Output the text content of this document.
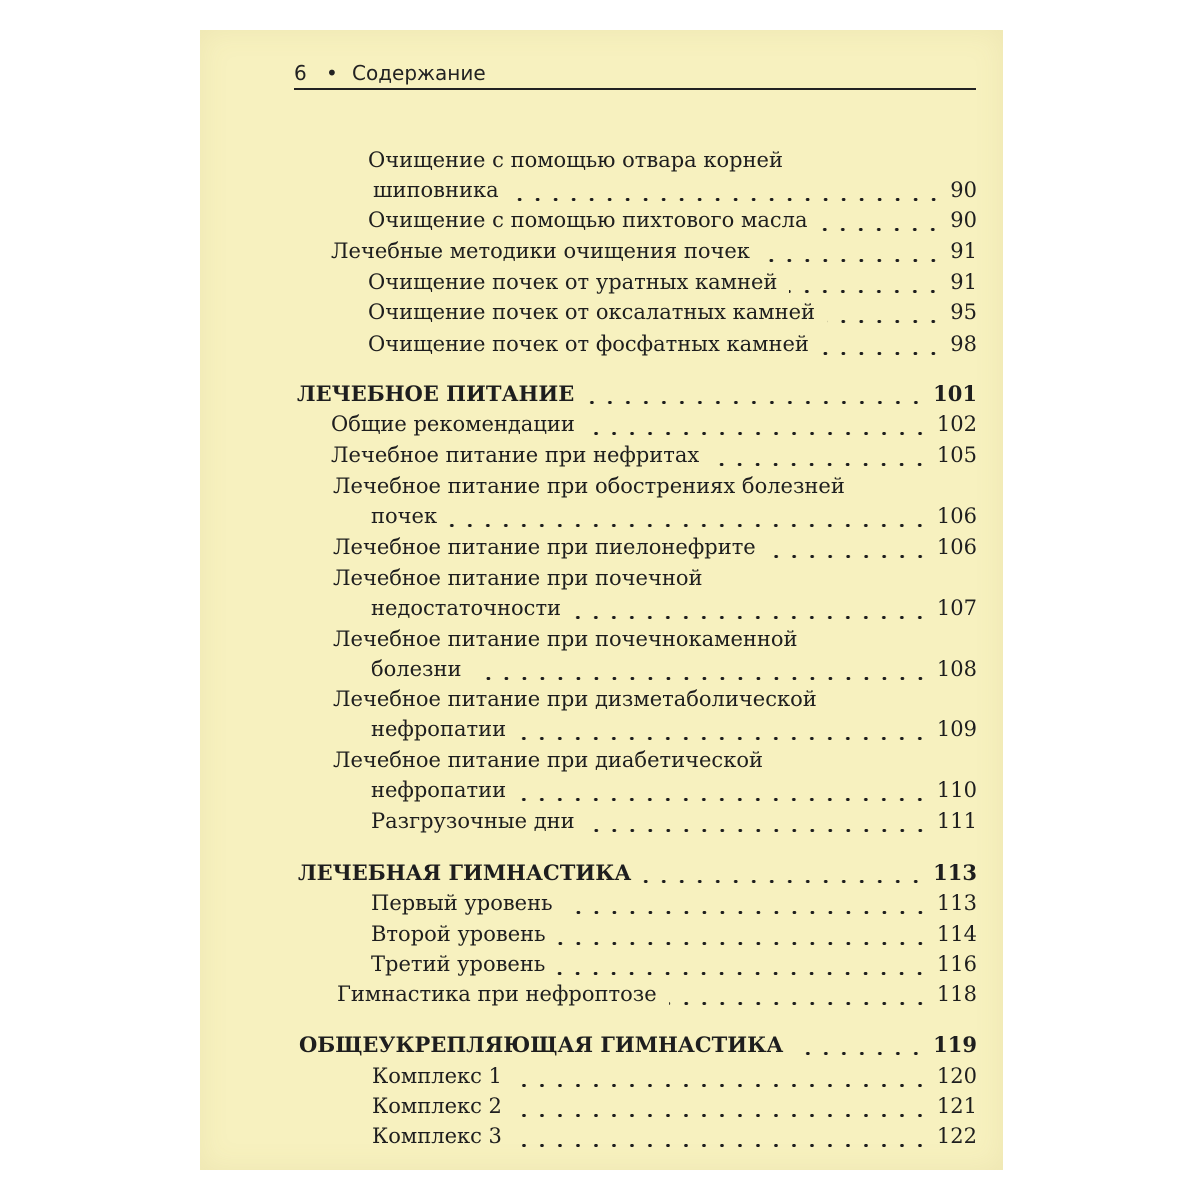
6 • Содержание
Очищение с помощью отвара корней
шиповника	90
Очищение с помощью пихтового масла	90
Лечебные методики очищения почек	91
Очищение почек от уратных камней	91
Очищение почек от оксалатных камней	95
Очищение почек от фосфатных камней	98
ЛЕЧЕБНОЕ ПИТАНИЕ	101
Общие рекомендации	102
Лечебное питание при нефритах	105
Лечебное питание при обострениях болезней
почек	106
Лечебное питание при пиелонефрите	106
Лечебное питание при почечной
недостаточности	107
Лечебное питание при почечнокаменной
болезни	108
Лечебное питание при дизметаболической
нефропатии	109
Лечебное питание при диабетической
нефропатии	110
Разгрузочные дни	111
ЛЕЧЕБНАЯ ГИМНАСТИКА	113
Первый уровень	113
Второй уровень	114
Третий уровень	116
Гимнастика при нефроптозе	118
ОБЩЕУКРЕПЛЯЮЩАЯ ГИМНАСТИКА	119
Комплекс 1	120
Комплекс 2	121
Комплекс 3	122
